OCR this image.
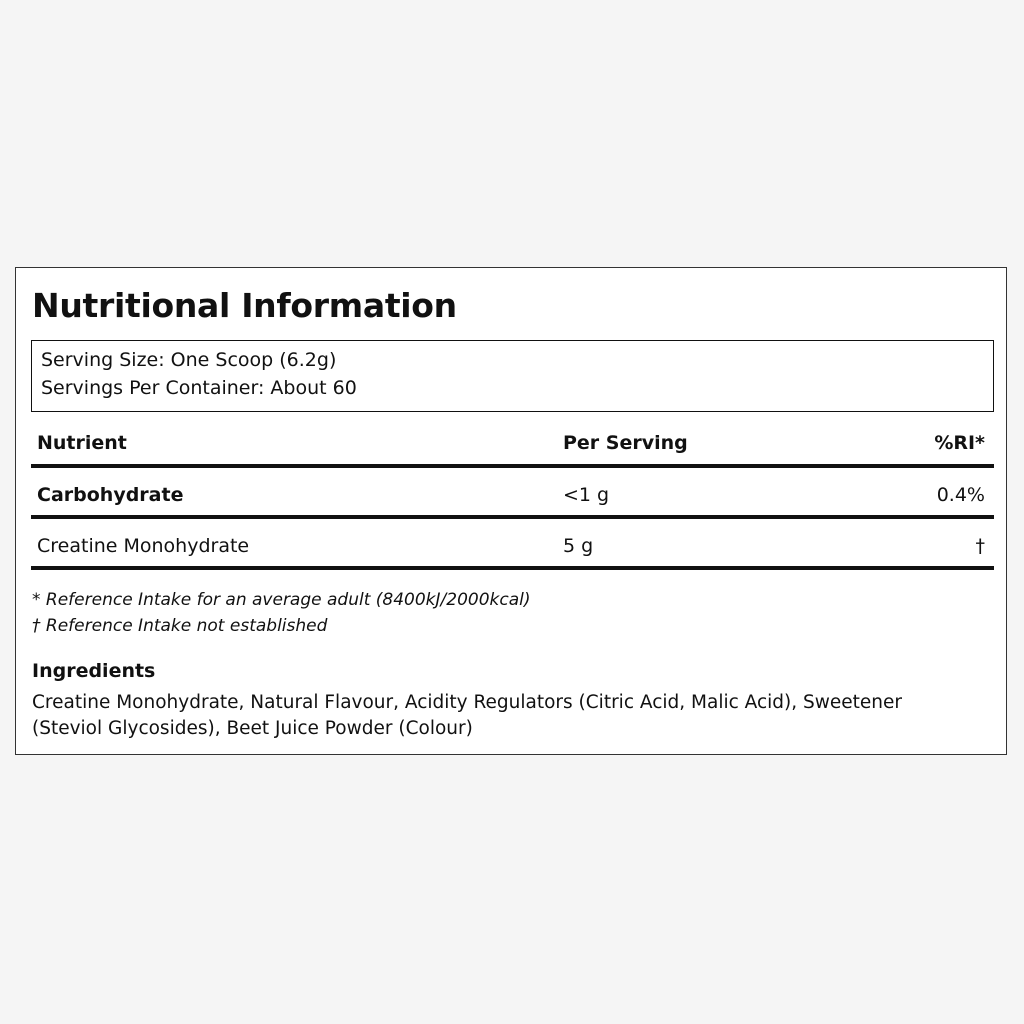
Nutritional Information
Serving Size: One Scoop (6.2g)
Servings Per Container: About 60
Nutrient	Per Serving	%RI*
Carbohydrate	<1 g	0.4%
Creatine Monohydrate	5 g	†
* Reference Intake for an average adult (8400kJ/2000kcal)
† Reference Intake not established
Ingredients
Creatine Monohydrate, Natural Flavour, Acidity Regulators (Citric Acid, Malic Acid), Sweetener (Steviol Glycosides), Beet Juice Powder (Colour)
